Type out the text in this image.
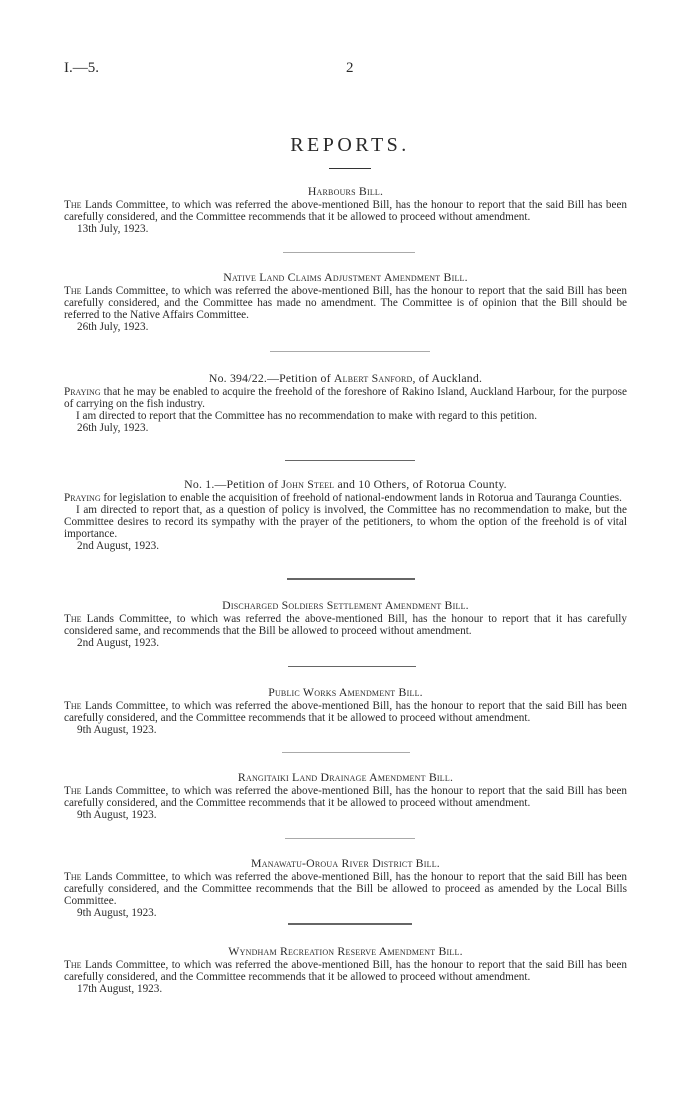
I.—5.	2
REPORTS.
Harbours Bill.
The Lands Committee, to which was referred the above-mentioned Bill, has the honour to report that the said Bill has been carefully considered, and the Committee recommends that it be allowed to proceed without amendment.
13th July, 1923.
Native Land Claims Adjustment Amendment Bill.
The Lands Committee, to which was referred the above-mentioned Bill, has the honour to report that the said Bill has been carefully considered, and the Committee has made no amendment. The Committee is of opinion that the Bill should be referred to the Native Affairs Committee.
26th July, 1923.
No. 394/22.—Petition of Albert Sanford, of Auckland.
Praying that he may be enabled to acquire the freehold of the foreshore of Rakino Island, Auckland Harbour, for the purpose of carrying on the fish industry.
I am directed to report that the Committee has no recommendation to make with regard to this petition.
26th July, 1923.
No. 1.—Petition of John Steel and 10 Others, of Rotorua County.
Praying for legislation to enable the acquisition of freehold of national-endowment lands in Rotorua and Tauranga Counties.
I am directed to report that, as a question of policy is involved, the Committee has no recommendation to make, but the Committee desires to record its sympathy with the prayer of the petitioners, to whom the option of the freehold is of vital importance.
2nd August, 1923.
Discharged Soldiers Settlement Amendment Bill.
The Lands Committee, to which was referred the above-mentioned Bill, has the honour to report that it has carefully considered same, and recommends that the Bill be allowed to proceed without amendment.
2nd August, 1923.
Public Works Amendment Bill.
The Lands Committee, to which was referred the above-mentioned Bill, has the honour to report that the said Bill has been carefully considered, and the Committee recommends that it be allowed to proceed without amendment.
9th August, 1923.
Rangitaiki Land Drainage Amendment Bill.
The Lands Committee, to which was referred the above-mentioned Bill, has the honour to report that the said Bill has been carefully considered, and the Committee recommends that it be allowed to proceed without amendment.
9th August, 1923.
Manawatu-Oroua River District Bill.
The Lands Committee, to which was referred the above-mentioned Bill, has the honour to report that the said Bill has been carefully considered, and the Committee recommends that the Bill be allowed to proceed as amended by the Local Bills Committee.
9th August, 1923.
Wyndham Recreation Reserve Amendment Bill.
The Lands Committee, to which was referred the above-mentioned Bill, has the honour to report that the said Bill has been carefully considered, and the Committee recommends that it be allowed to proceed without amendment.
17th August, 1923.
